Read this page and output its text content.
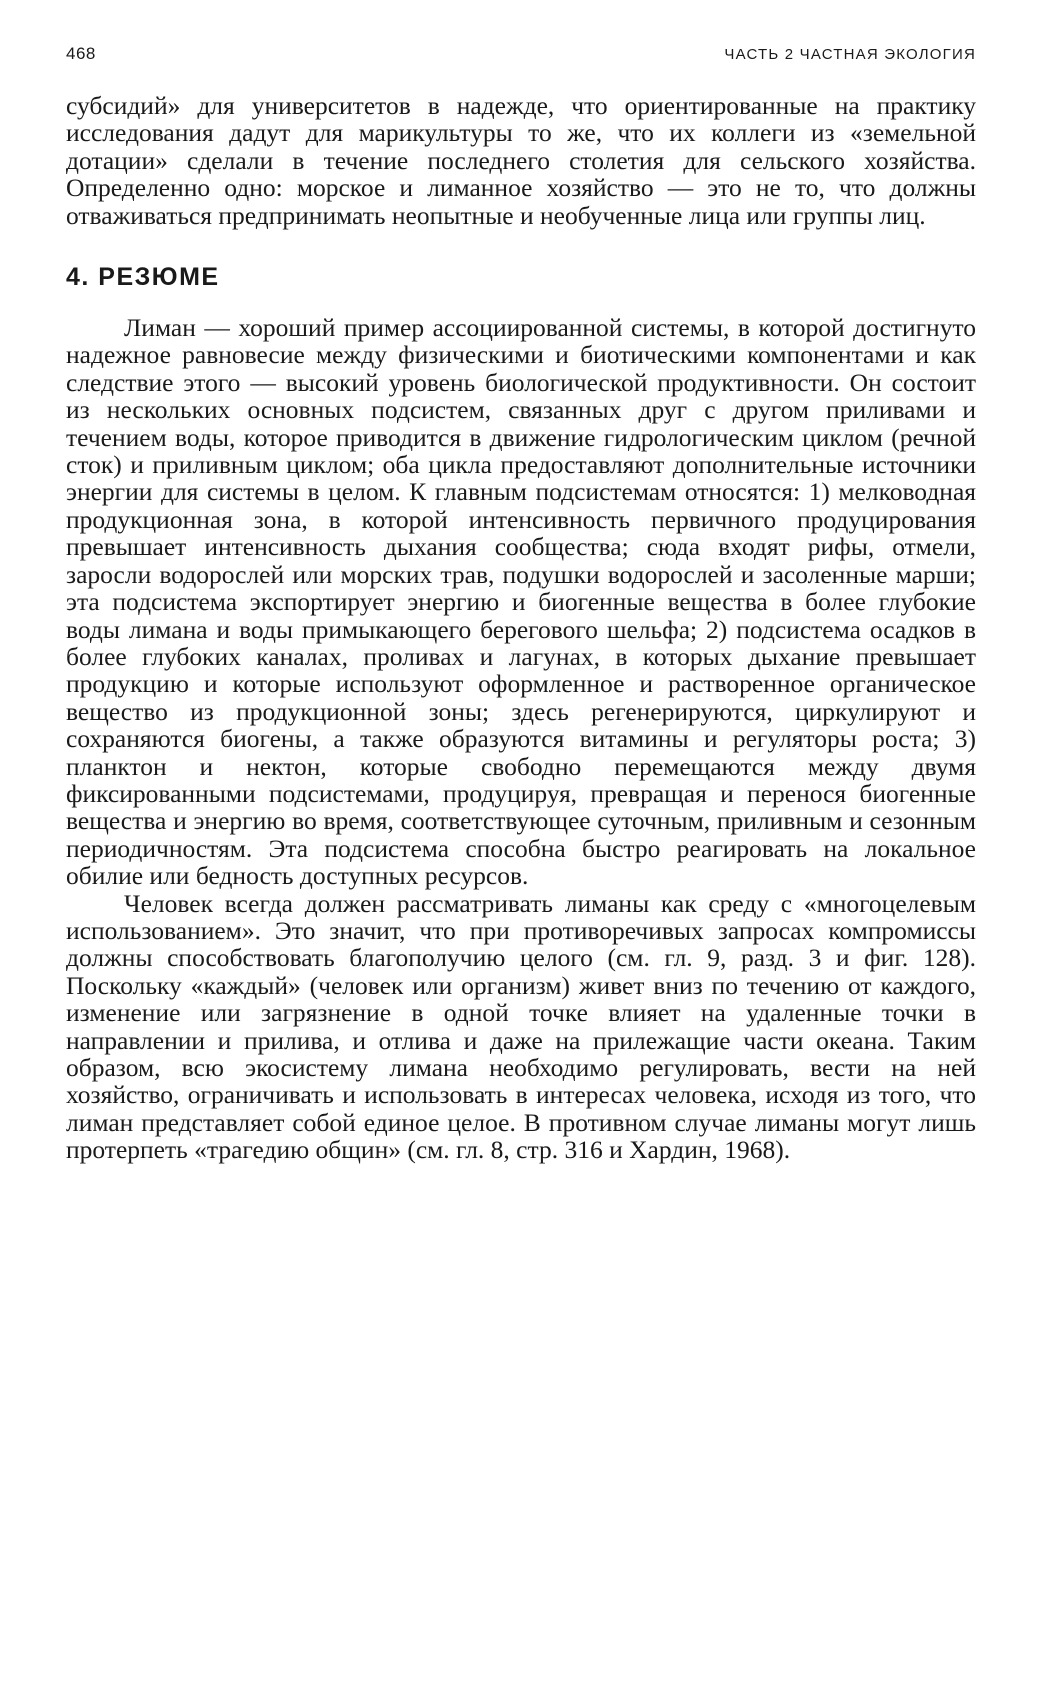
468	ЧАСТЬ 2 ЧАСТНАЯ ЭКОЛОГИЯ

субсидий» для университетов в надежде, что ориентированные на практику исследования дадут для марикультуры то же, что их коллеги из «земельной дотации» сделали в течение последнего столетия для сельского хозяйства. Определенно одно: морское и лиманное хозяйство — это не то, что должны отваживаться предпринимать неопытные и необученные лица или группы лиц.

4. РЕЗЮМЕ

Лиман — хороший пример ассоциированной системы, в которой достигнуто надежное равновесие между физическими и биотическими компонентами и как следствие этого — высокий уровень биологической продуктивности. Он состоит из нескольких основных подсистем, связанных друг с другом приливами и течением воды, которое приводится в движение гидрологическим циклом (речной сток) и приливным циклом; оба цикла предоставляют дополнительные источники энергии для системы в целом. К главным подсистемам относятся: 1) мелководная продукционная зона, в которой интенсивность первичного продуцирования превышает интенсивность дыхания сообщества; сюда входят рифы, отмели, заросли водорослей или морских трав, подушки водорослей и засоленные марши; эта подсистема экспортирует энергию и биогенные вещества в более глубокие воды лимана и воды примыкающего берегового шельфа; 2) подсистема осадков в более глубоких каналах, проливах и лагунах, в которых дыхание превышает продукцию и которые используют оформленное и растворенное органическое вещество из продукционной зоны; здесь регенерируются, циркулируют и сохраняются биогены, а также образуются витамины и регуляторы роста; 3) планктон и нектон, которые свободно перемещаются между двумя фиксированными подсистемами, продуцируя, превращая и перенося биогенные вещества и энергию во время, соответствующее суточным, приливным и сезонным периодичностям. Эта подсистема способна быстро реагировать на локальное обилие или бедность доступных ресурсов.

Человек всегда должен рассматривать лиманы как среду с «многоцелевым использованием». Это значит, что при противоречивых запросах компромиссы должны способствовать благополучию целого (см. гл. 9, разд. 3 и фиг. 128). Поскольку «каждый» (человек или организм) живет вниз по течению от каждого, изменение или загрязнение в одной точке влияет на удаленные точки в направлении и прилива, и отлива и даже на прилежащие части океана. Таким образом, всю экосистему лимана необходимо регулировать, вести на ней хозяйство, ограничивать и использовать в интересах человека, исходя из того, что лиман представляет собой единое целое. В противном случае лиманы могут лишь протерпеть «трагедию общин» (см. гл. 8, стр. 316 и Хардин, 1968).
